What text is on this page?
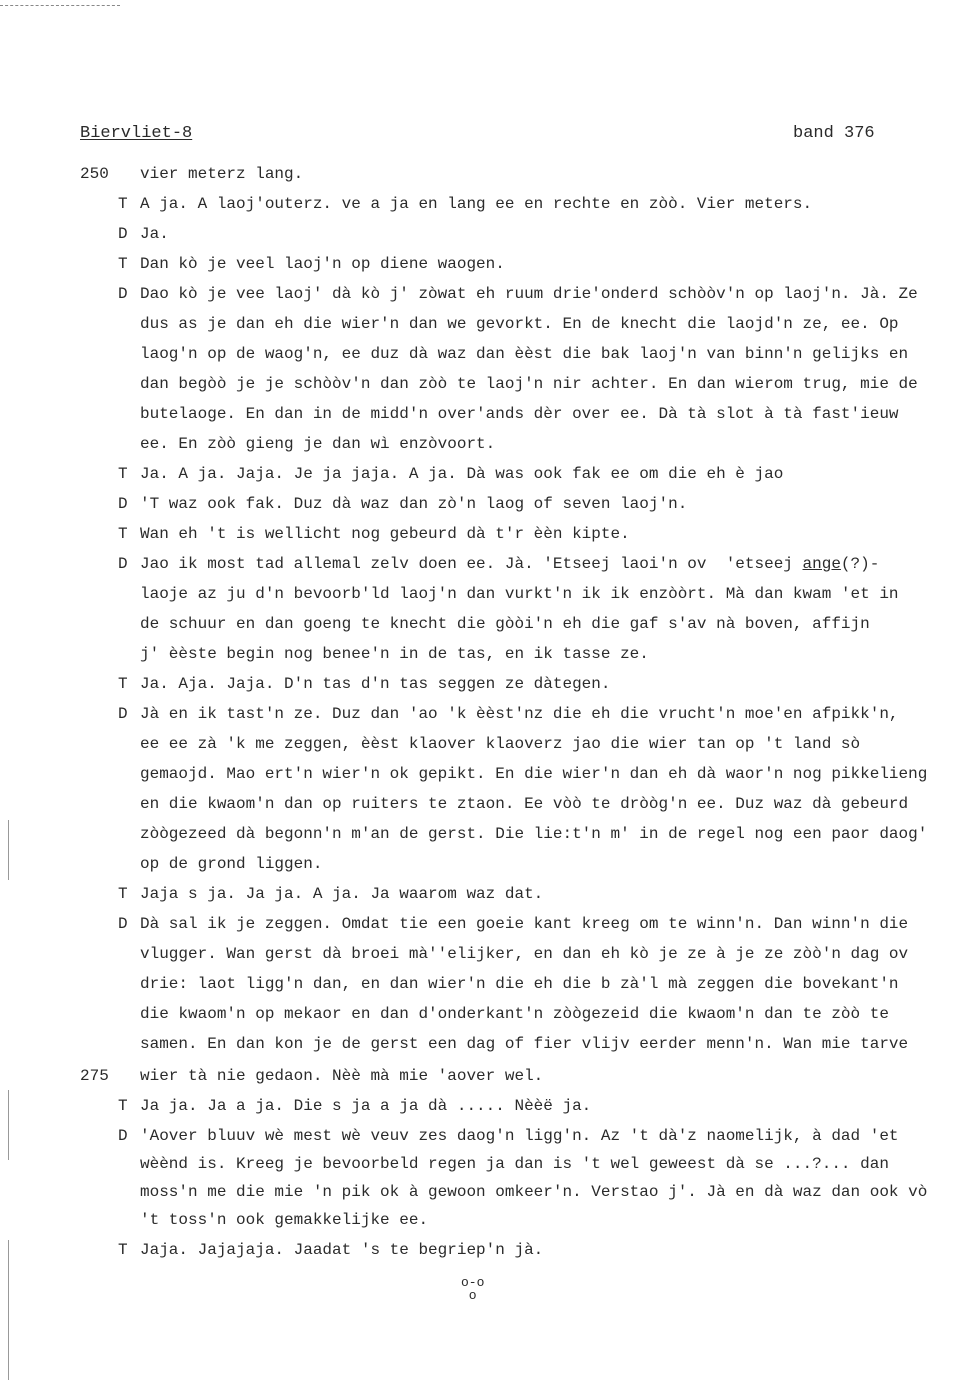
Biervliet-8	band 376
250
275
T
D
T
D
T
D
T
D
T
D
T
D
T
D
T
vier meterz lang.
A ja. A laoj'outerz. ve a ja en lang ee en rechte en zòò. Vier meters.
Ja.
Dan kò je veel laoj'n op diene waogen.
Dao kò je vee laoj' dà kò j' zòwat eh ruum drie'onderd schòòv'n op laoj'n. Jà. Ze
dus as je dan eh die wier'n dan we gevorkt. En de knecht die laojd'n ze, ee. Op
laog'n op de waog'n, ee duz dà waz dan èèst die bak laoj'n van binn'n gelijks en
dan begòò je je schòòv'n dan zòò te laoj'n nir achter. En dan wierom trug, mie de
butelaoge. En dan in de midd'n over'ands dèr over ee. Dà tà slot à tà fast'ieuw
ee. En zòò gieng je dan wì enzòvoort.
Ja. A ja. Jaja. Je ja jaja. A ja. Dà was ook fak ee om die eh è jao
'T waz ook fak. Duz dà waz dan zò'n laog of seven laoj'n.
Wan eh 't is wellicht nog gebeurd dà t'r èèn kipte.
Jao ik most tad allemal zelv doen ee. Jà. 'Etseej laoi'n ov  'etseej ange(?)-
laoje az ju d'n bevoorb'ld laoj'n dan vurkt'n ik ik enzòòrt. Mà dan kwam 'et in
de schuur en dan goeng te knecht die gòòi'n eh die gaf s'av nà boven, affijn
j' èèste begin nog benee'n in de tas, en ik tasse ze.
Ja. Aja. Jaja. D'n tas d'n tas seggen ze dàtegen.
Jà en ik tast'n ze. Duz dan 'ao 'k èèst'nz die eh die vrucht'n moe'en afpikk'n,
ee ee zà 'k me zeggen, èèst klaover klaoverz jao die wier tan op 't land sò
gemaojd. Mao ert'n wier'n ok gepikt. En die wier'n dan eh dà waor'n nog pikkelieng
en die kwaom'n dan op ruiters te ztaon. Ee vòò te dròòg'n ee. Duz waz dà gebeurd
zòògezeed dà begonn'n m'an de gerst. Die lie:t'n m' in de regel nog een paor daog'
op de grond liggen.
Jaja s ja. Ja ja. A ja. Ja waarom waz dat.
Dà sal ik je zeggen. Omdat tie een goeie kant kreeg om te winn'n. Dan winn'n die
vlugger. Wan gerst dà broei mà''elijker, en dan eh kò je ze à je ze zòò'n dag ov
drie: laot ligg'n dan, en dan wier'n die eh die b zà'l mà zeggen die bovekant'n
die kwaom'n op mekaor en dan d'onderkant'n zòògezeid die kwaom'n dan te zòò te
samen. En dan kon je de gerst een dag of fier vlijv eerder menn'n. Wan mie tarve
wier tà nie gedaon. Nèè mà mie 'aover wel.
Ja ja. Ja a ja. Die s ja a ja dà ..... Nèèë ja.
'Aover bluuv wè mest wè veuv zes daog'n ligg'n. Az 't dà'z naomelijk, à dad 'et
wèènd is. Kreeg je bevoorbeld regen ja dan is 't wel geweest dà se ...?... dan
moss'n me die mie 'n pik ok à gewoon omkeer'n. Verstao j'. Jà en dà waz dan ook vò
't toss'n ook gemakkelijke ee.
Jaja. Jajajaja. Jaadat 's te begriep'n jà.
o-o
o
